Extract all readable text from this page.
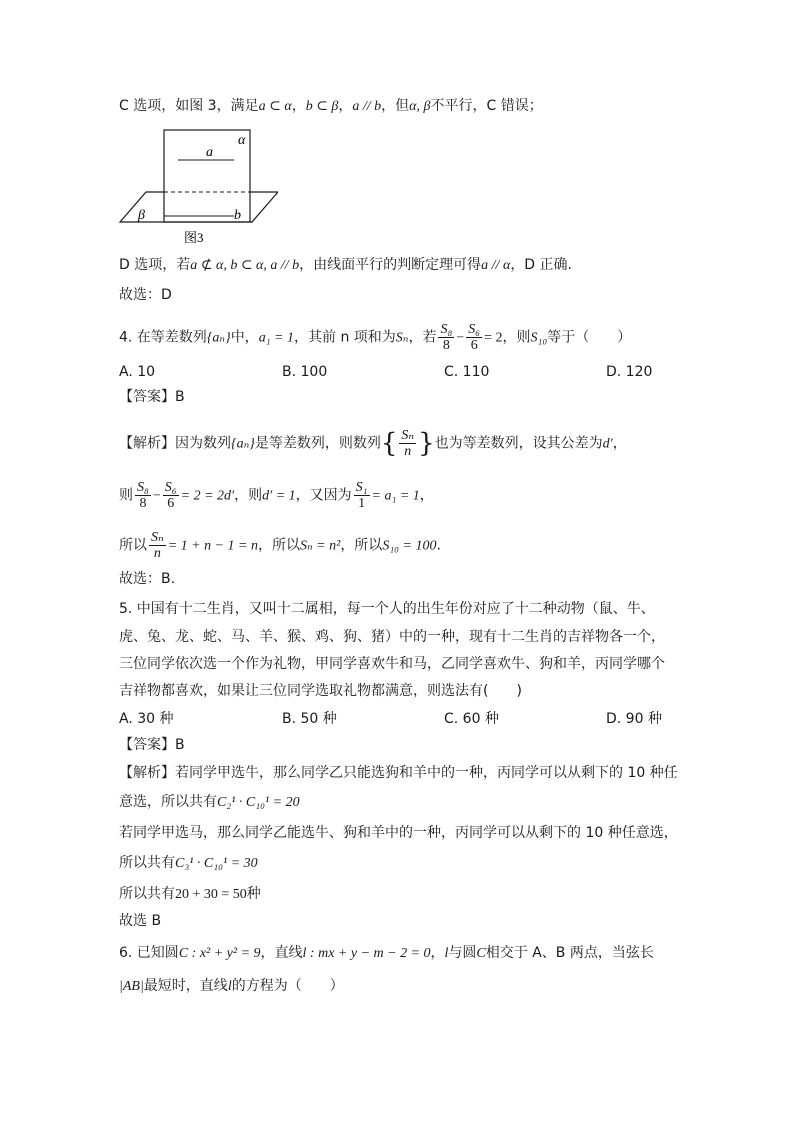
C 选项，如图 3，满足a ⊂ α，b ⊂ β，a // b，但α, β不平行，C 错误；
a
α
b
β
图3
D 选项，若a ⊄ α, b ⊂ α, a // b，由线面平行的判断定理可得a // α，D 正确.
故选：D
4. 在等差数列{aₙ}中，a₁ = 1，其前 n 项和为Sₙ，若 $\frac{\text{S₈}}{8} - \frac{\text{S₆}}{6} = 2$，则S₁₀等于（　　）
A. 10	B. 100	C. 110	D. 120
【答案】B
【解析】因为数列{aₙ}是等差数列，则数列{ $\frac{\text{Sₙ}}{n}$ }也为等差数列，设其公差为d′，
则 $\frac{\text{S₈}}{8} - \frac{\text{S₆}}{6} = 2 = 2d'$，则d′ = 1，又因为 $\frac{\text{S₁}}{1} = a_1 = 1$，
所以 $\frac{\text{Sₙ}}{n} = 1 + n - 1 = n$，所以Sₙ = n²，所以S₁₀ = 100.
故选：B.
5. 中国有十二生肖，又叫十二属相，每一个人的出生年份对应了十二种动物（鼠、牛、
虎、兔、龙、蛇、马、羊、猴、鸡、狗、猪）中的一种，现有十二生肖的吉祥物各一个，
三位同学依次选一个作为礼物，甲同学喜欢牛和马，乙同学喜欢牛、狗和羊，丙同学哪个
吉祥物都喜欢，如果让三位同学选取礼物都满意，则选法有(　　)
A. 30 种	B. 50 种	C. 60 种	D. 90 种
【答案】B
【解析】若同学甲选牛，那么同学乙只能选狗和羊中的一种，丙同学可以从剩下的 10 种任
意选，所以共有C₂¹ · C₁₀¹ = 20
若同学甲选马，那么同学乙能选牛、狗和羊中的一种，丙同学可以从剩下的 10 种任意选，
所以共有C₃¹ · C₁₀¹ = 30
所以共有20 + 30 = 50种
故选 B
6. 已知圆C : x² + y² = 9，直线l : mx + y − m − 2 = 0，l与圆C相交于 A、B 两点，当弦长
|AB|最短时，直线l的方程为（　　）
